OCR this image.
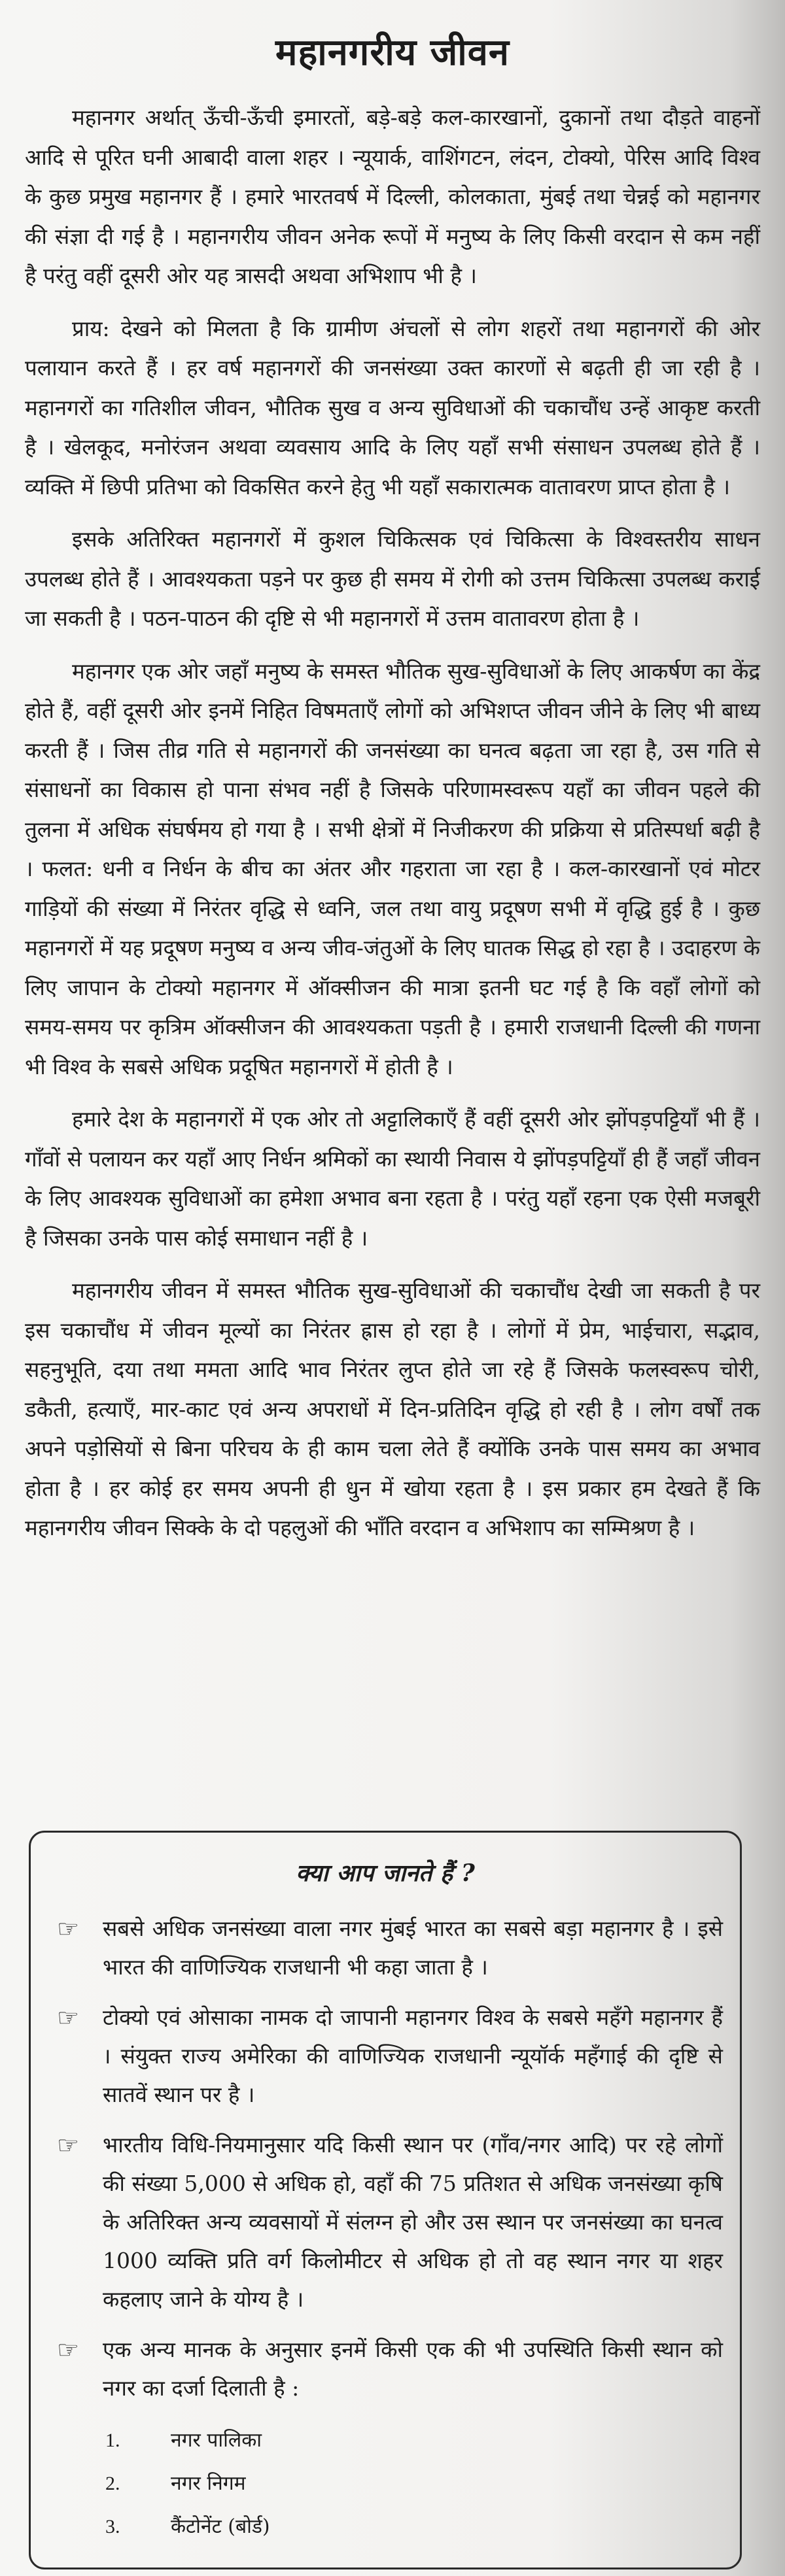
महानगरीय जीवन

महानगर अर्थात् ऊँची-ऊँची इमारतों, बड़े-बड़े कल-कारखानों, दुकानों तथा दौड़ते वाहनों आदि से पूरित घनी आबादी वाला शहर । न्यूयार्क, वाशिंगटन, लंदन, टोक्यो, पेरिस आदि विश्व के कुछ प्रमुख महानगर हैं । हमारे भारतवर्ष में दिल्ली, कोलकाता, मुंबई तथा चेन्नई को महानगर की संज्ञा दी गई है । महानगरीय जीवन अनेक रूपों में मनुष्य के लिए किसी वरदान से कम नहीं है परंतु वहीं दूसरी ओर यह त्रासदी अथवा अभिशाप भी है ।

प्राय: देखने को मिलता है कि ग्रामीण अंचलों से लोग शहरों तथा महानगरों की ओर पलायान करते हैं । हर वर्ष महानगरों की जनसंख्या उक्त कारणों से बढ़ती ही जा रही है । महानगरों का गतिशील जीवन, भौतिक सुख व अन्य सुविधाओं की चकाचौंध उन्हें आकृष्ट करती है । खेलकूद, मनोरंजन अथवा व्यवसाय आदि के लिए यहाँ सभी संसाधन उपलब्ध होते हैं । व्यक्ति में छिपी प्रतिभा को विकसित करने हेतु भी यहाँ सकारात्मक वातावरण प्राप्त होता है ।

इसके अतिरिक्त महानगरों में कुशल चिकित्सक एवं चिकित्सा के विश्वस्तरीय साधन उपलब्ध होते हैं । आवश्यकता पड़ने पर कुछ ही समय में रोगी को उत्तम चिकित्सा उपलब्ध कराई जा सकती है । पठन-पाठन की दृष्टि से भी महानगरों में उत्तम वातावरण होता है ।

महानगर एक ओर जहाँ मनुष्य के समस्त भौतिक सुख-सुविधाओं के लिए आकर्षण का केंद्र होते हैं, वहीं दूसरी ओर इनमें निहित विषमताएँ लोगों को अभिशप्त जीवन जीने के लिए भी बाध्य करती हैं । जिस तीव्र गति से महानगरों की जनसंख्या का घनत्व बढ़ता जा रहा है, उस गति से संसाधनों का विकास हो पाना संभव नहीं है जिसके परिणामस्वरूप यहाँ का जीवन पहले की तुलना में अधिक संघर्षमय हो गया है । सभी क्षेत्रों में निजीकरण की प्रक्रिया से प्रतिस्पर्धा बढ़ी है । फलत: धनी व निर्धन के बीच का अंतर और गहराता जा रहा है । कल-कारखानों एवं मोटर गाड़ियों की संख्या में निरंतर वृद्धि से ध्वनि, जल तथा वायु प्रदूषण सभी में वृद्धि हुई है । कुछ महानगरों में यह प्रदूषण मनुष्य व अन्य जीव-जंतुओं के लिए घातक सिद्ध हो रहा है । उदाहरण के लिए जापान के टोक्यो महानगर में ऑक्सीजन की मात्रा इतनी घट गई है कि वहाँ लोगों को समय-समय पर कृत्रिम ऑक्सीजन की आवश्यकता पड़ती है । हमारी राजधानी दिल्ली की गणना भी विश्व के सबसे अधिक प्रदूषित महानगरों में होती है ।

हमारे देश के महानगरों में एक ओर तो अट्टालिकाएँ हैं वहीं दूसरी ओर झोंपड़पट्टियाँ भी हैं । गाँवों से पलायन कर यहाँ आए निर्धन श्रमिकों का स्थायी निवास ये झोंपड़पट्टियाँ ही हैं जहाँ जीवन के लिए आवश्यक सुविधाओं का हमेशा अभाव बना रहता है । परंतु यहाँ रहना एक ऐसी मजबूरी है जिसका उनके पास कोई समाधान नहीं है ।

महानगरीय जीवन में समस्त भौतिक सुख-सुविधाओं की चकाचौंध देखी जा सकती है पर इस चकाचौंध में जीवन मूल्यों का निरंतर ह्रास हो रहा है । लोगों में प्रेम, भाईचारा, सद्भाव, सहनुभूति, दया तथा ममता आदि भाव निरंतर लुप्त होते जा रहे हैं जिसके फलस्वरूप चोरी, डकैती, हत्याएँ, मार-काट एवं अन्य अपराधों में दिन-प्रतिदिन वृद्धि हो रही है । लोग वर्षों तक अपने पड़ोसियों से बिना परिचय के ही काम चला लेते हैं क्योंकि उनके पास समय का अभाव होता है । हर कोई हर समय अपनी ही धुन में खोया रहता है । इस प्रकार हम देखते हैं कि महानगरीय जीवन सिक्के के दो पहलुओं की भाँति वरदान व अभिशाप का सम्मिश्रण है ।

क्या आप जानते हैं ?
☞	सबसे अधिक जनसंख्या वाला नगर मुंबई भारत का सबसे बड़ा महानगर है । इसे भारत की वाणिज्यिक राजधानी भी कहा जाता है ।
☞	टोक्यो एवं ओसाका नामक दो जापानी महानगर विश्व के सबसे महँगे महानगर हैं । संयुक्त राज्य अमेरिका की वाणिज्यिक राजधानी न्यूयॉर्क महँगाई की दृष्टि से सातवें स्थान पर है ।
☞	भारतीय विधि-नियमानुसार यदि किसी स्थान पर (गाँव/नगर आदि) पर रहे लोगों की संख्या 5,000 से अधिक हो, वहाँ की 75 प्रतिशत से अधिक जनसंख्या कृषि के अतिरिक्त अन्य व्यवसायों में संलग्न हो और उस स्थान पर जनसंख्या का घनत्व 1000 व्यक्ति प्रति वर्ग किलोमीटर से अधिक हो तो वह स्थान नगर या शहर कहलाए जाने के योग्य है ।
☞	एक अन्य मानक के अनुसार इनमें किसी एक की भी उपस्थिति किसी स्थान को नगर का दर्जा दिलाती है :
1.	नगर पालिका
2.	नगर निगम
3.	कैंटोनेंट (बोर्ड)
